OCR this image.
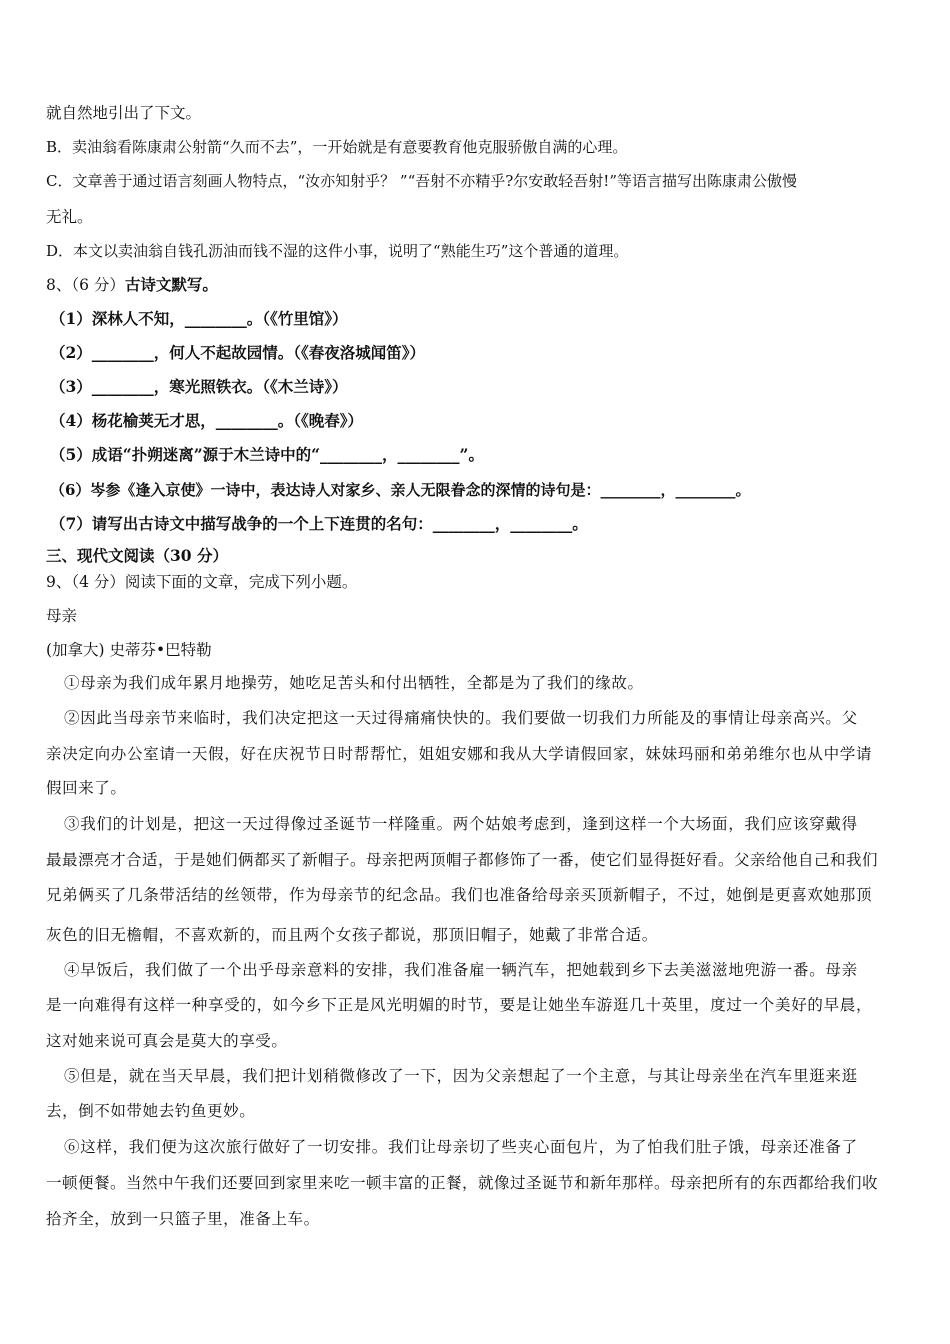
就自然地引出了下文。
B．卖油翁看陈康肃公射箭“久而不去”，一开始就是有意要教育他克服骄傲自满的心理。
C．文章善于通过语言刻画人物特点，“汝亦知射乎？ ”“吾射不亦精乎?尔安敢轻吾射!”等语言描写出陈康肃公傲慢
无礼。
D．本文以卖油翁自钱孔沥油而钱不湿的这件小事，说明了“熟能生巧”这个普通的道理。
8、（6 分）古诗文默写。
（1）深林人不知，________。（《竹里馆》）
（2）________，何人不起故园情。（《春夜洛城闻笛》）
（3）________，寒光照铁衣。（《木兰诗》）
（4）杨花榆荚无才思，________。（《晚春》）
（5）成语“扑朔迷离”源于木兰诗中的“________，________”。
（6）岑参《逢入京使》一诗中，表达诗人对家乡、亲人无限眷念的深情的诗句是：________，________。
（7）请写出古诗文中描写战争的一个上下连贯的名句：________，________。
三、现代文阅读（30 分）
9、（4 分）阅读下面的文章，完成下列小题。
母亲
(加拿大) 史蒂芬•巴特勒
①母亲为我们成年累月地操劳，她吃足苦头和付出牺牲，全都是为了我们的缘故。
②因此当母亲节来临时，我们决定把这一天过得痛痛快快的。我们要做一切我们力所能及的事情让母亲高兴。父
亲决定向办公室请一天假，好在庆祝节日时帮帮忙，姐姐安娜和我从大学请假回家，妹妹玛丽和弟弟维尔也从中学请
假回来了。
③我们的计划是，把这一天过得像过圣诞节一样隆重。两个姑娘考虑到，逢到这样一个大场面，我们应该穿戴得
最最漂亮才合适，于是她们俩都买了新帽子。母亲把两顶帽子都修饰了一番，使它们显得挺好看。父亲给他自己和我们
兄弟俩买了几条带活结的丝领带，作为母亲节的纪念品。我们也准备给母亲买顶新帽子，不过，她倒是更喜欢她那顶
灰色的旧无檐帽，不喜欢新的，而且两个女孩子都说，那顶旧帽子，她戴了非常合适。
④早饭后，我们做了一个出乎母亲意料的安排，我们准备雇一辆汽车，把她载到乡下去美滋滋地兜游一番。母亲
是一向难得有这样一种享受的，如今乡下正是风光明媚的时节，要是让她坐车游逛几十英里，度过一个美好的早晨，
这对她来说可真会是莫大的享受。
⑤但是，就在当天早晨，我们把计划稍微修改了一下，因为父亲想起了一个主意，与其让母亲坐在汽车里逛来逛
去，倒不如带她去钓鱼更妙。
⑥这样，我们便为这次旅行做好了一切安排。我们让母亲切了些夹心面包片，为了怕我们肚子饿，母亲还准备了
一顿便餐。当然中午我们还要回到家里来吃一顿丰富的正餐，就像过圣诞节和新年那样。母亲把所有的东西都给我们收
拾齐全，放到一只篮子里，准备上车。
